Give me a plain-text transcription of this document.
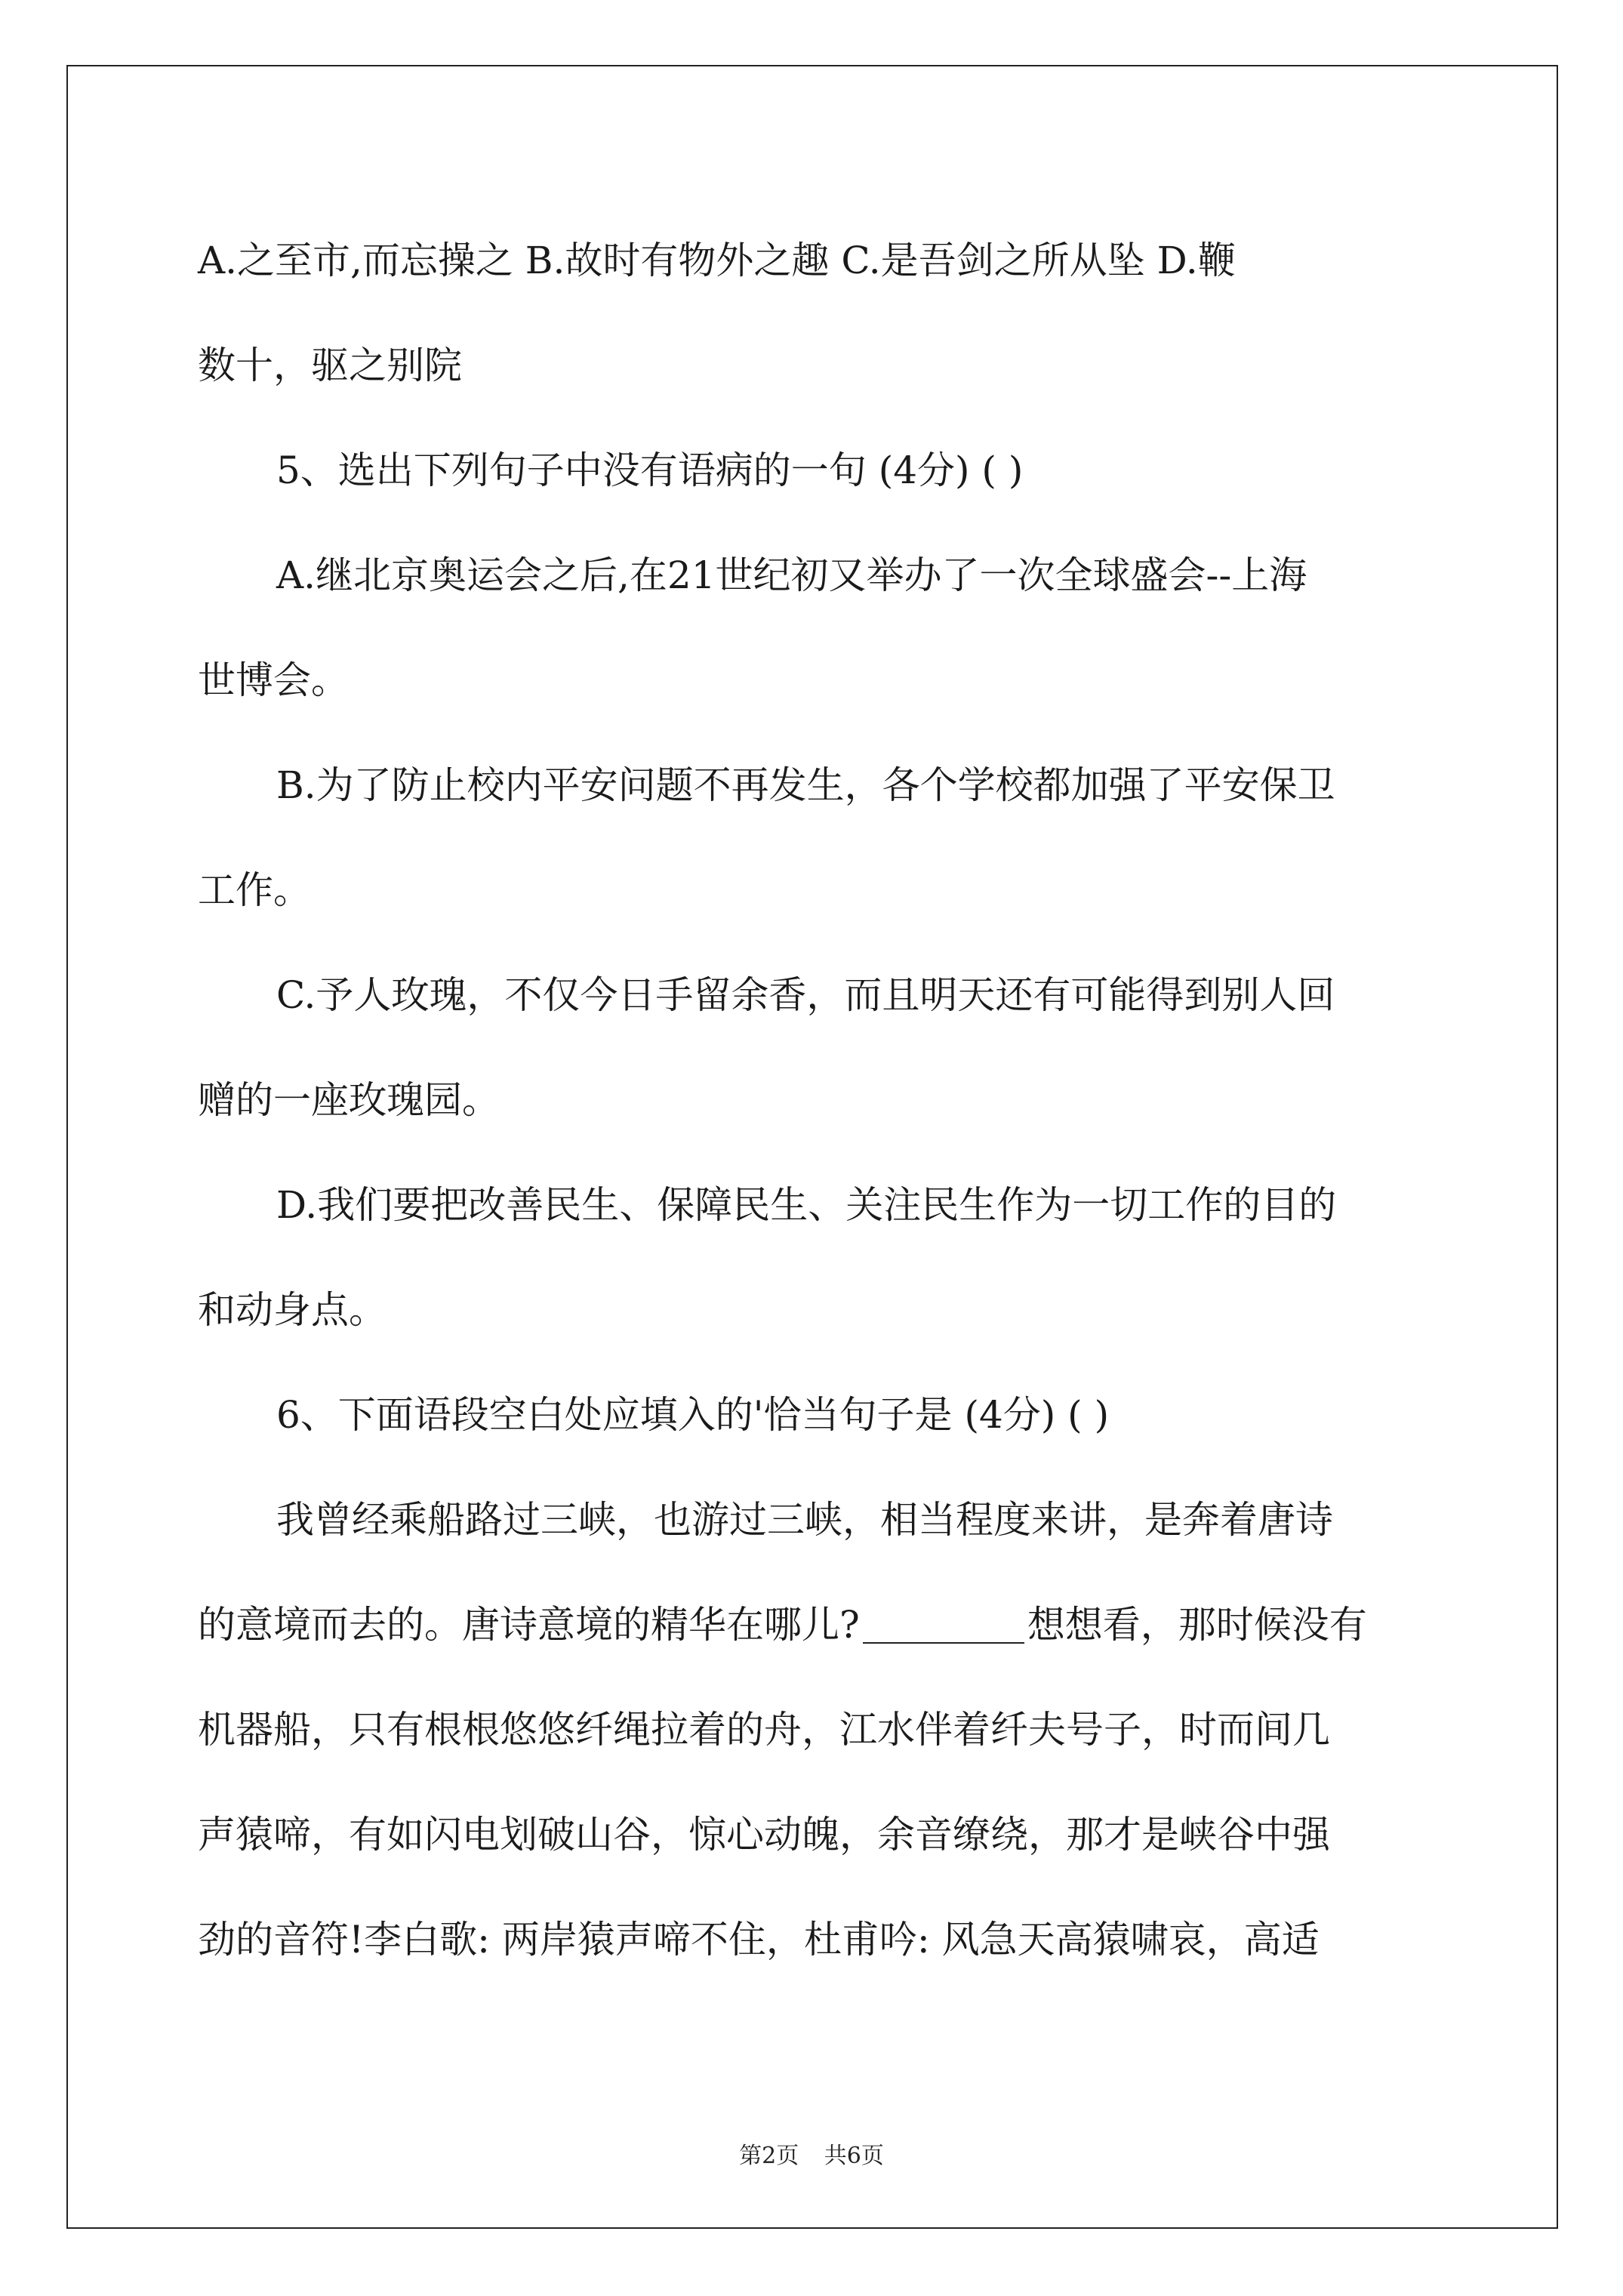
A.之至市,而忘操之 B.故时有物外之趣 C.是吾剑之所从坠 D.鞭
数十，驱之别院
5、选出下列句子中没有语病的一句 (4分) ( )
A.继北京奥运会之后,在21世纪初又举办了一次全球盛会--上海
世博会。
B.为了防止校内平安问题不再发生，各个学校都加强了平安保卫
工作。
C.予人玫瑰，不仅今日手留余香，而且明天还有可能得到别人回
赠的一座玫瑰园。
D.我们要把改善民生、保障民生、关注民生作为一切工作的目的
和动身点。
6、下面语段空白处应填入的'恰当句子是 (4分) ( )
我曾经乘船路过三峡，也游过三峡，相当程度来讲，是奔着唐诗
的意境而去的。唐诗意境的精华在哪儿?	想想看，那时候没有
机器船，只有根根悠悠纤绳拉着的舟，江水伴着纤夫号子，时而间几
声猿啼，有如闪电划破山谷，惊心动魄，余音缭绕，那才是峡谷中强
劲的音符!李白歌: 两岸猿声啼不住，杜甫吟: 风急天高猿啸哀，高适
第2页 共6页
